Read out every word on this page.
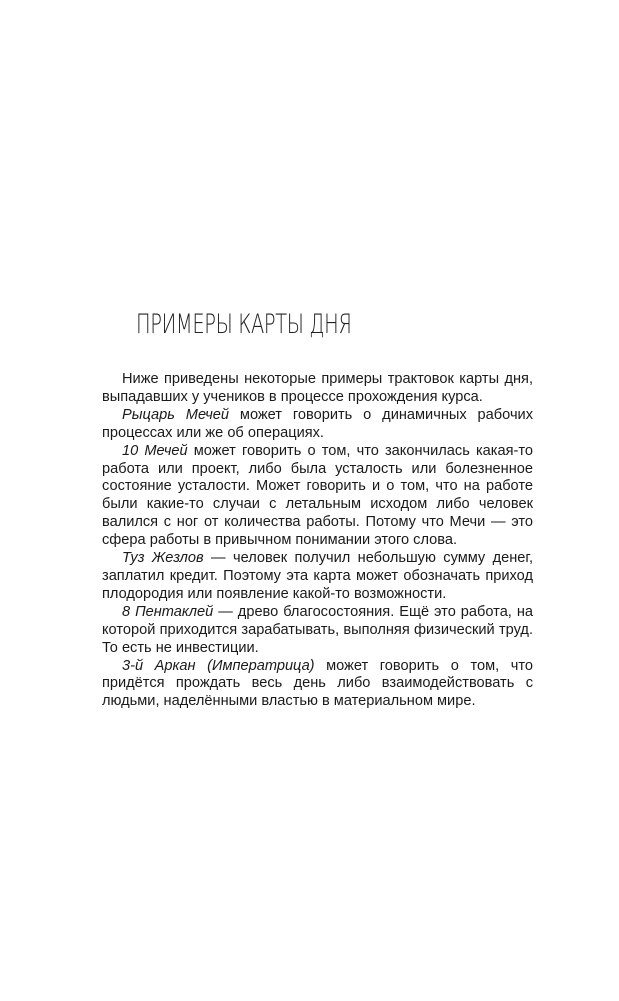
ПРИМЕРЫ КАРТЫ ДНЯ

Ниже приведены некоторые примеры трактовок карты дня, выпадавших у учеников в процессе прохождения курса.

Рыцарь Мечей может говорить о динамичных рабочих процессах или же об операциях.

10 Мечей может говорить о том, что закончилась какая-то работа или проект, либо была усталость или болезненное состояние усталости. Может говорить и о том, что на работе были какие-то случаи с летальным исходом либо человек валился с ног от количества работы. Потому что Мечи — это сфера работы в привычном понимании этого слова.

Туз Жезлов — человек получил небольшую сумму денег, заплатил кредит. Поэтому эта карта может обозначать приход плодородия или появление какой-то возможности.

8 Пентаклей — древо благосостояния. Ещё это работа, на которой приходится зарабатывать, выполняя физический труд. То есть не инвестиции.

3-й Аркан (Императрица) может говорить о том, что придётся прождать весь день либо взаимодействовать с людьми, наделёнными властью в материальном мире.
